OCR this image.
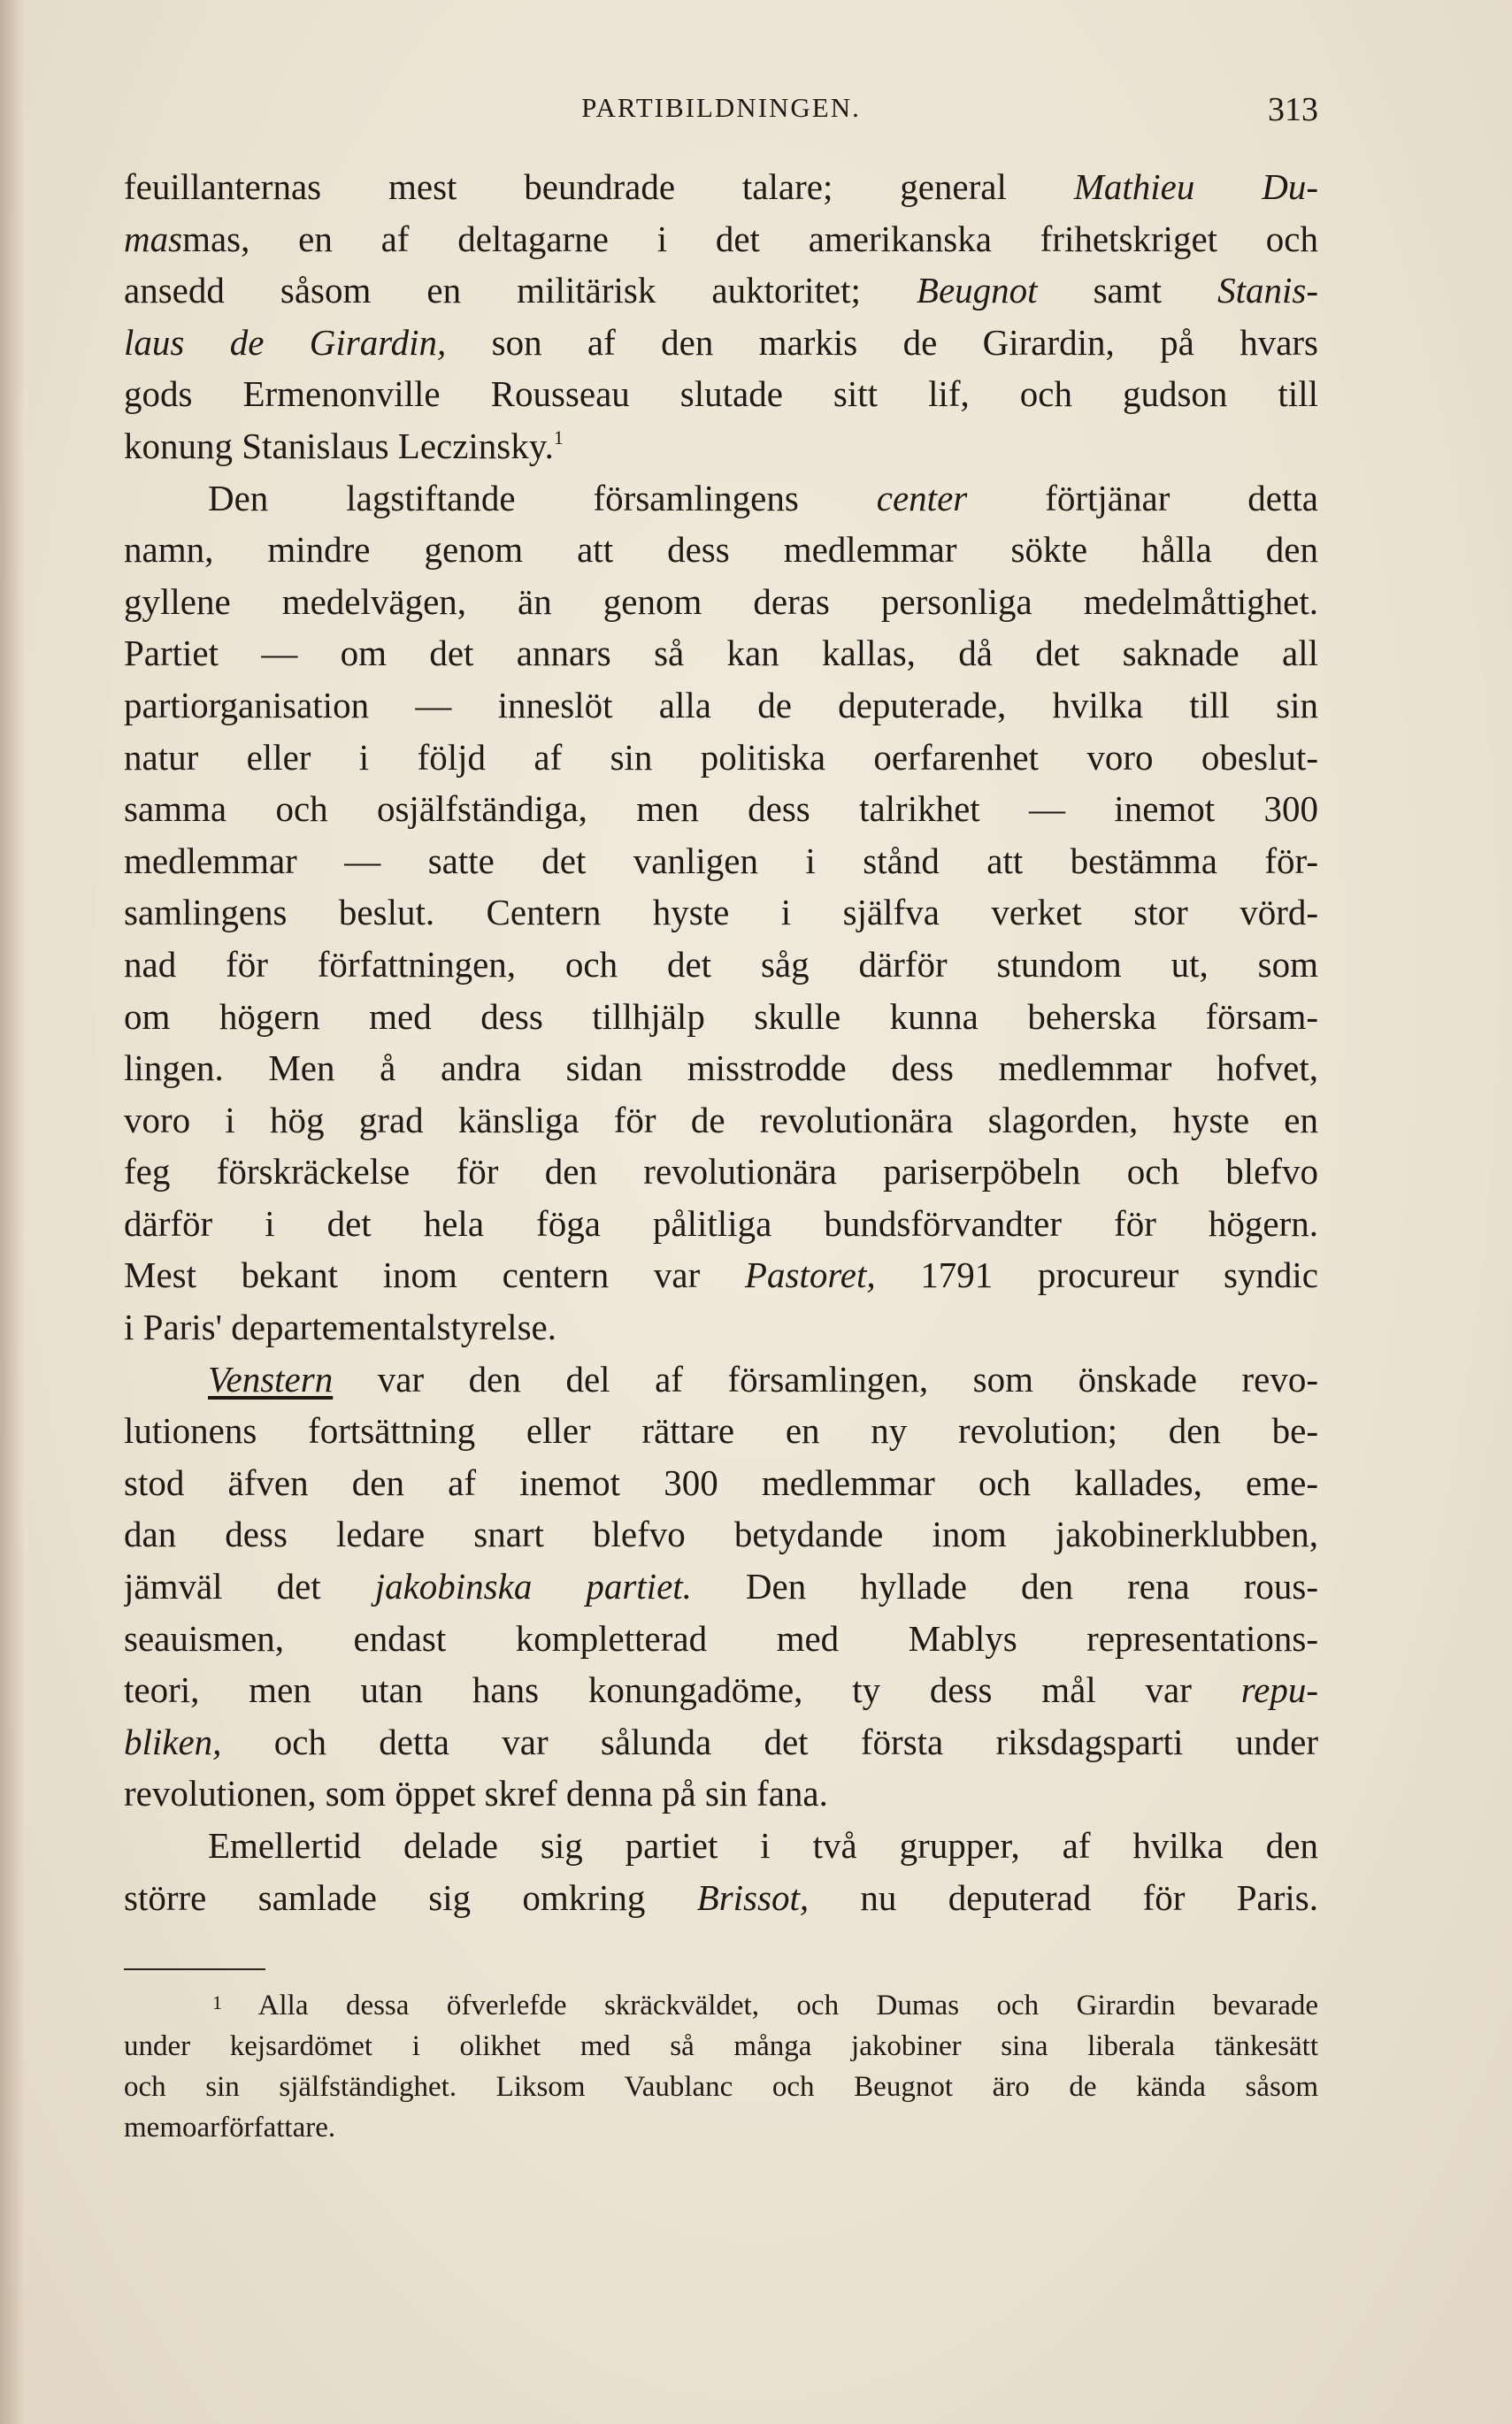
PARTIBILDNINGEN.	313
feuillanternas mest beundrade talare; general Mathieu Du-
masmas, en af deltagarne i det amerikanska frihetskriget och
ansedd såsom en militärisk auktoritet; Beugnot samt Stanis-
laus de Girardin, son af den markis de Girardin, på hvars
gods Ermenonville Rousseau slutade sitt lif, och gudson till
konung Stanislaus Leczinsky.$^1$
Den lagstiftande församlingens center förtjänar detta
namn, mindre genom att dess medlemmar sökte hålla den
gyllene medelvägen, än genom deras personliga medelmåttighet.
Partiet — om det annars så kan kallas, då det saknade all
partiorganisation — inneslöt alla de deputerade, hvilka till sin
natur eller i följd af sin politiska oerfarenhet voro obeslut-
samma och osjälfständiga, men dess talrikhet — inemot 300
medlemmar — satte det vanligen i stånd att bestämma för-
samlingens beslut. Centern hyste i själfva verket stor vörd-
nad för författningen, och det såg därför stundom ut, som
om högern med dess tillhjälp skulle kunna beherska försam-
lingen. Men å andra sidan misstrodde dess medlemmar hofvet,
voro i hög grad känsliga för de revolutionära slagorden, hyste en
feg förskräckelse för den revolutionära pariserpöbeln och blefvo
därför i det hela föga pålitliga bundsförvandter för högern.
Mest bekant inom centern var Pastoret, 1791 procureur syndic
i Paris' departementalstyrelse.
Venstern var den del af församlingen, som önskade revo-
lutionens fortsättning eller rättare en ny revolution; den be-
stod äfven den af inemot 300 medlemmar och kallades, eme-
dan dess ledare snart blefvo betydande inom jakobinerklubben,
jämväl det jakobinska partiet. Den hyllade den rena rous-
seauismen, endast kompletterad med Mablys representations-
teori, men utan hans konungadöme, ty dess mål var repu-
bliken, och detta var sålunda det första riksdagsparti under
revolutionen, som öppet skref denna på sin fana.
Emellertid delade sig partiet i två grupper, af hvilka den
större samlade sig omkring Brissot, nu deputerad för Paris.
$^1$ Alla dessa öfverlefde skräckväldet, och Dumas och Girardin bevarade
under kejsardömet i olikhet med så många jakobiner sina liberala tänkesätt
och sin själfständighet. Liksom Vaublanc och Beugnot äro de kända såsom
memoarförfattare.
